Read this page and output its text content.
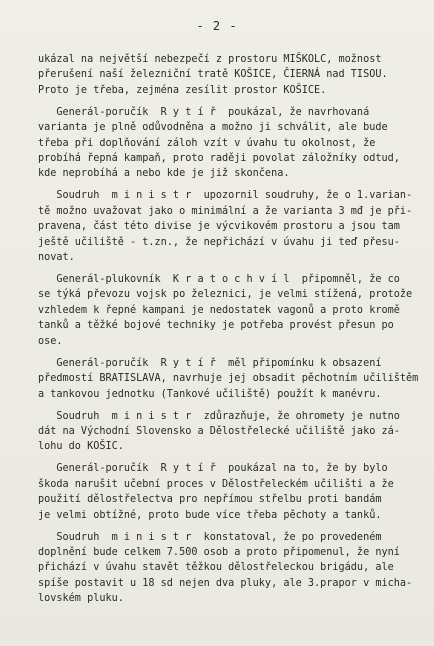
- 2 -
ukázal na největší nebezpečí z prostoru MIŠKOLC, možnost
přerušení naší železniční tratě KOŠICE, ČIERNÁ nad TISOU.
Proto je třeba, zejména zesílit prostor KOŠICE.
Generál-poručík  R y t í ř  poukázal, že navrhovaná
varianta je plně odůvodněna a možno ji schválit, ale bude
třeba při doplňování záloh vzít v úvahu tu okolnost, že
probíhá řepná kampaň, proto raději povolat záložníky odtud,
kde neprobíhá a nebo kde je již skončena.
Soudruh  m i n i s t r  upozornil soudruhy, že o 1.varian-
tě možno uvažovat jako o minimální a že varianta 3 mđ je při-
pravena, část této divise je výcvikovém prostoru a jsou tam
ještě učiliště - t.zn., že nepřichází v úvahu ji teď přesu-
novat.
Generál-plukovník  K r a t o c h v í l  připomněl, že co
se týká převozu vojsk po železnici, je velmi stížená, protože
vzhledem k řepné kampani je nedostatek vagonů a proto kromě
tanků a těžké bojové techniky je potřeba provést přesun po
ose.
Generál-poručík  R y t í ř  měl připomínku k obsazení
předmostí BRATISLAVA, navrhuje jej obsadit pěchotním učilištěm
a tankovou jednotku (Tankové učiliště) použít k manévru.
Soudruh  m i n i s t r  zdůrazňuje, že ohromety je nutno
dát na Východní Slovensko a Dělostřelecké učiliště jako zá-
lohu do KOŠIC.
Generál-poručík  R y t í ř  poukázal na to, že by bylo
škoda narušit učební proces v Dělostřeleckém učilišti a že
použití dělostřelectva pro nepřímou střelbu proti bandám
je velmi obtížné, proto bude více třeba pěchoty a tanků.
Soudruh  m i n i s t r  konstatoval, že po provedeném
doplnění bude celkem 7.500 osob a proto připomenul, že nyní
přichází v úvahu stavět těžkou dělostřeleckou brigádu, ale
spíše postavit u 18 sd nejen dva pluky, ale 3.prapor v micha-
lovském pluku.
